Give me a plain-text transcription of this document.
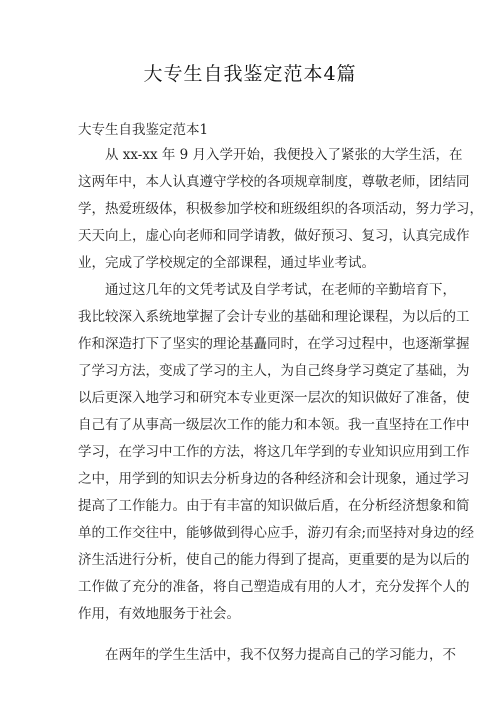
大专生自我鉴定范本4篇
大专生自我鉴定范本1
从 xx-xx 年 9 月入学开始，我便投入了紧张的大学生活，在
这两年中，本人认真遵守学校的各项规章制度，尊敬老师，团结同
学，热爱班级体，积极参加学校和班级组织的各项活动，努力学习，
天天向上，虚心向老师和同学请教，做好预习、复习，认真完成作
业，完成了学校规定的全部课程，通过毕业考试。
通过这几年的文凭考试及自学考试，在老师的辛勤培育下，
我比较深入系统地掌握了会计专业的基础和理论课程，为以后的工
作和深造打下了坚实的理论基矗同时，在学习过程中，也逐渐掌握
了学习方法，变成了学习的主人，为自己终身学习奠定了基础，为
以后更深入地学习和研究本专业更深一层次的知识做好了准备，使
自己有了从事高一级层次工作的能力和本领。我一直坚持在工作中
学习，在学习中工作的方法，将这几年学到的专业知识应用到工作
之中，用学到的知识去分析身边的各种经济和会计现象，通过学习
提高了工作能力。由于有丰富的知识做后盾，在分析经济想象和简
单的工作交往中，能够做到得心应手，游刃有余;而坚持对身边的经
济生活进行分析，使自己的能力得到了提高，更重要的是为以后的
工作做了充分的准备，将自己塑造成有用的人才，充分发挥个人的
作用，有效地服务于社会。
在两年的学生生活中，我不仅努力提高自己的学习能力，不
